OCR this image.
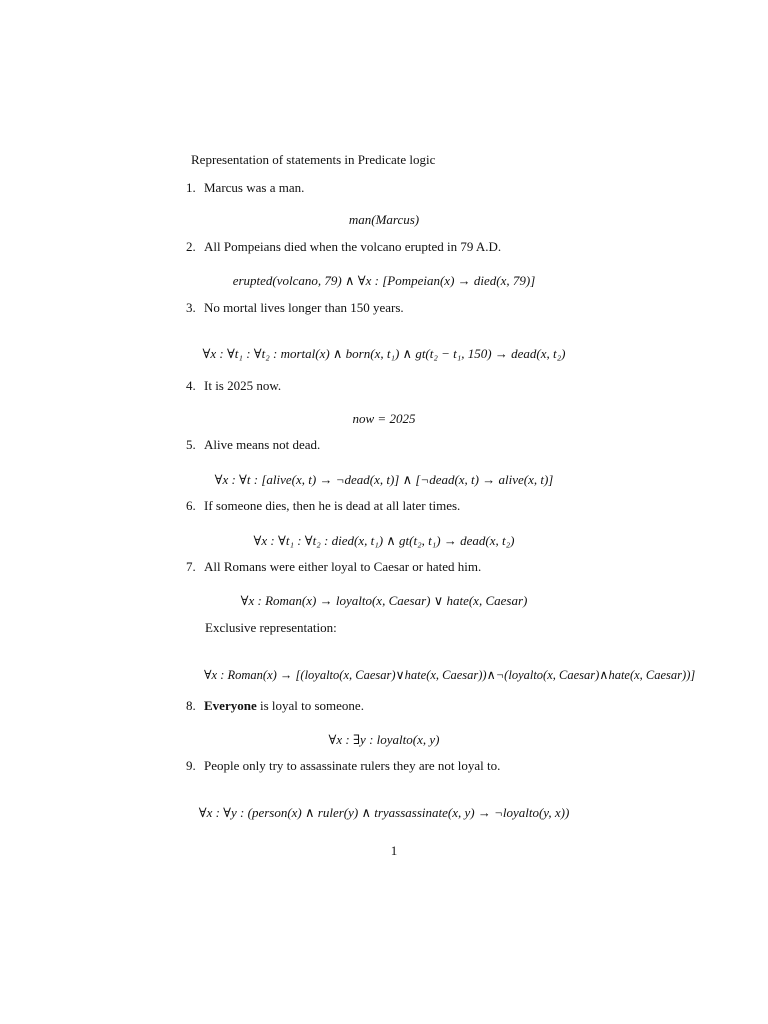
Representation of statements in Predicate logic
1. Marcus was a man.
man(Marcus)
2. All Pompeians died when the volcano erupted in 79 A.D.
erupted(volcano, 79) ∧ ∀x : [Pompeian(x) → died(x, 79)]
3. No mortal lives longer than 150 years.
∀x : ∀t₁ : ∀t₂ : mortal(x) ∧ born(x, t₁) ∧ gt(t₂ − t₁, 150) → dead(x, t₂)
4. It is 2025 now.
now = 2025
5. Alive means not dead.
∀x : ∀t : [alive(x, t) → ¬dead(x, t)] ∧ [¬dead(x, t) → alive(x, t)]
6. If someone dies, then he is dead at all later times.
∀x : ∀t₁ : ∀t₂ : died(x, t₁) ∧ gt(t₂, t₁) → dead(x, t₂)
7. All Romans were either loyal to Caesar or hated him.
∀x : Roman(x) → loyalto(x, Caesar) ∨ hate(x, Caesar)
Exclusive representation:
∀x : Roman(x) → [(loyalto(x, Caesar)∨hate(x, Caesar))∧¬(loyalto(x, Caesar)∧hate(x, Caesar))]
8. Everyone is loyal to someone.
∀x : ∃y : loyalto(x, y)
9. People only try to assassinate rulers they are not loyal to.
∀x : ∀y : (person(x) ∧ ruler(y) ∧ tryassassinate(x, y) → ¬loyalto(y, x))
1
